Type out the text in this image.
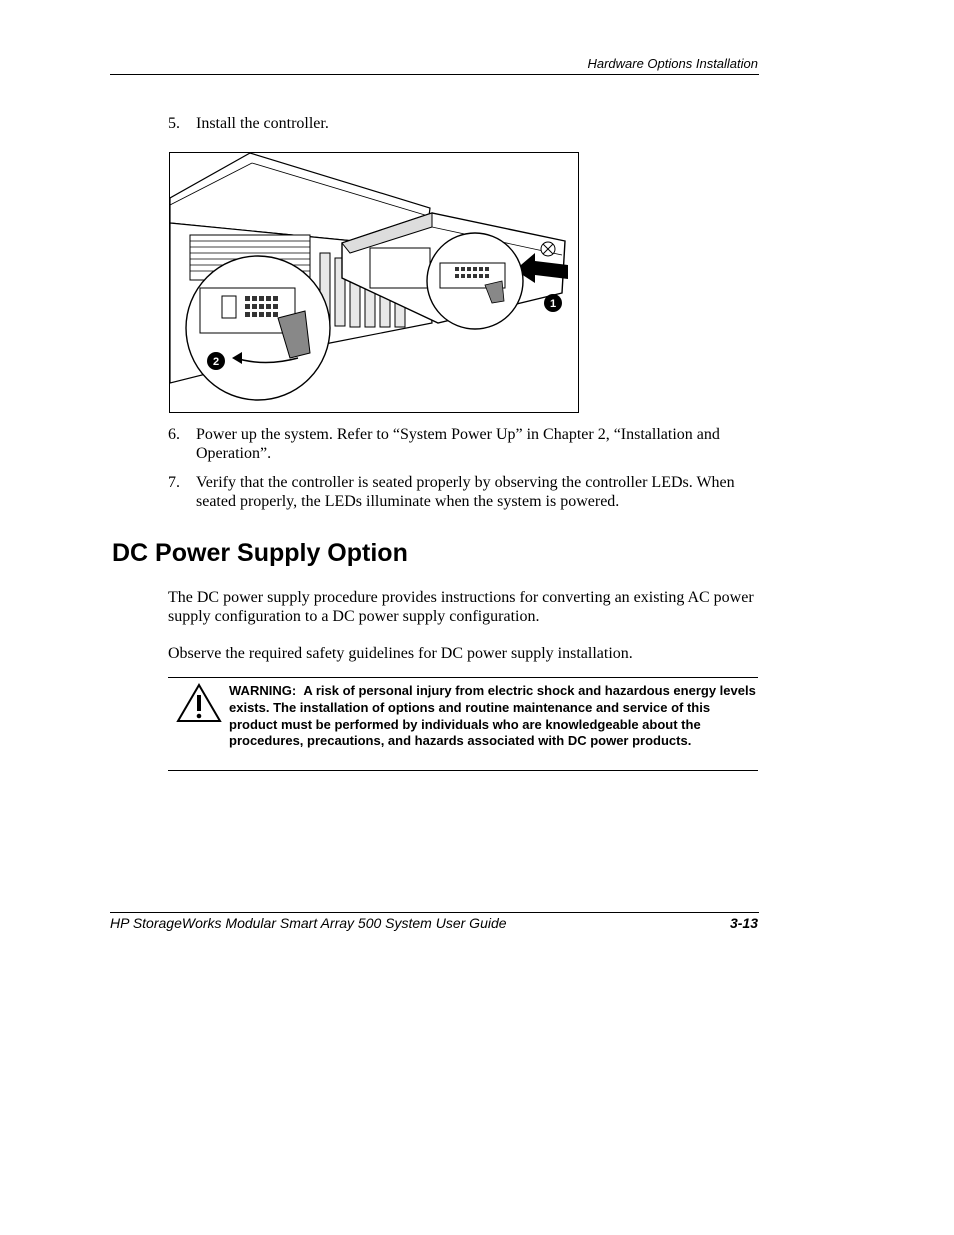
Hardware Options Installation
5. Install the controller.
1
2
6. Power up the system. Refer to “System Power Up” in Chapter 2, “Installation and Operation”.
7. Verify that the controller is seated properly by observing the controller LEDs. When seated properly, the LEDs illuminate when the system is powered.
DC Power Supply Option
The DC power supply procedure provides instructions for converting an existing AC power supply configuration to a DC power supply configuration.
Observe the required safety guidelines for DC power supply installation.
WARNING: A risk of personal injury from electric shock and hazardous energy levels exists. The installation of options and routine maintenance and service of this product must be performed by individuals who are knowledgeable about the procedures, precautions, and hazards associated with DC power products.
HP StorageWorks Modular Smart Array 500 System User Guide	3-13
